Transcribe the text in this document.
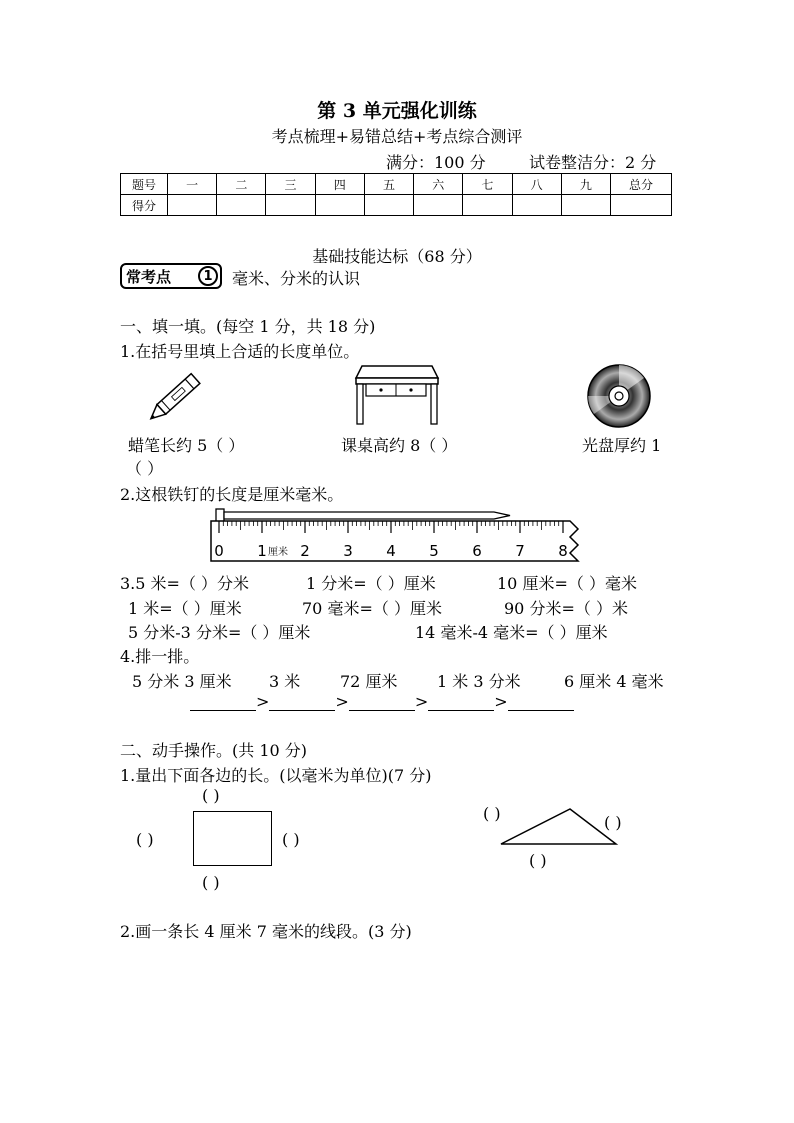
第 3 单元强化训练
考点梳理+易错总结+考点综合测评
满分：100 分	试卷整洁分：2 分
题号	一	二	三	四	五	六	七	八	九	总分
得分										
基础技能达标（68 分）
常考点	1	毫米、分米的认识
一、填一填。(每空 1 分，共 18 分)
1.在括号里填上合适的长度单位。
蜡笔长约 5（ ）	课桌高约 8（ ）	光盘厚约 1
（ ）
2.这根铁钉的长度是厘米毫米。
0 1 2 3 4 5 6 7 8
厘米
3.5 米=（ ）分米	1 分米=（ ）厘米	10 厘米=（ ）毫米
1 米=（ ）厘米	70 毫米=（ ）厘米	90 分米=（ ）米
5 分米-3 分米=（ ）厘米	14 毫米-4 毫米=（ ）厘米
4.排一排。
5 分米 3 厘米 3 米 72 厘米 1 米 3 分米	6 厘米 4 毫米
>	>	>	>
二、动手操作。(共 10 分)
1.量出下面各边的长。(以毫米为单位)(7 分)
( )
( )	( )
( )
( )	( )
( )
2.画一条长 4 厘米 7 毫米的线段。(3 分)
